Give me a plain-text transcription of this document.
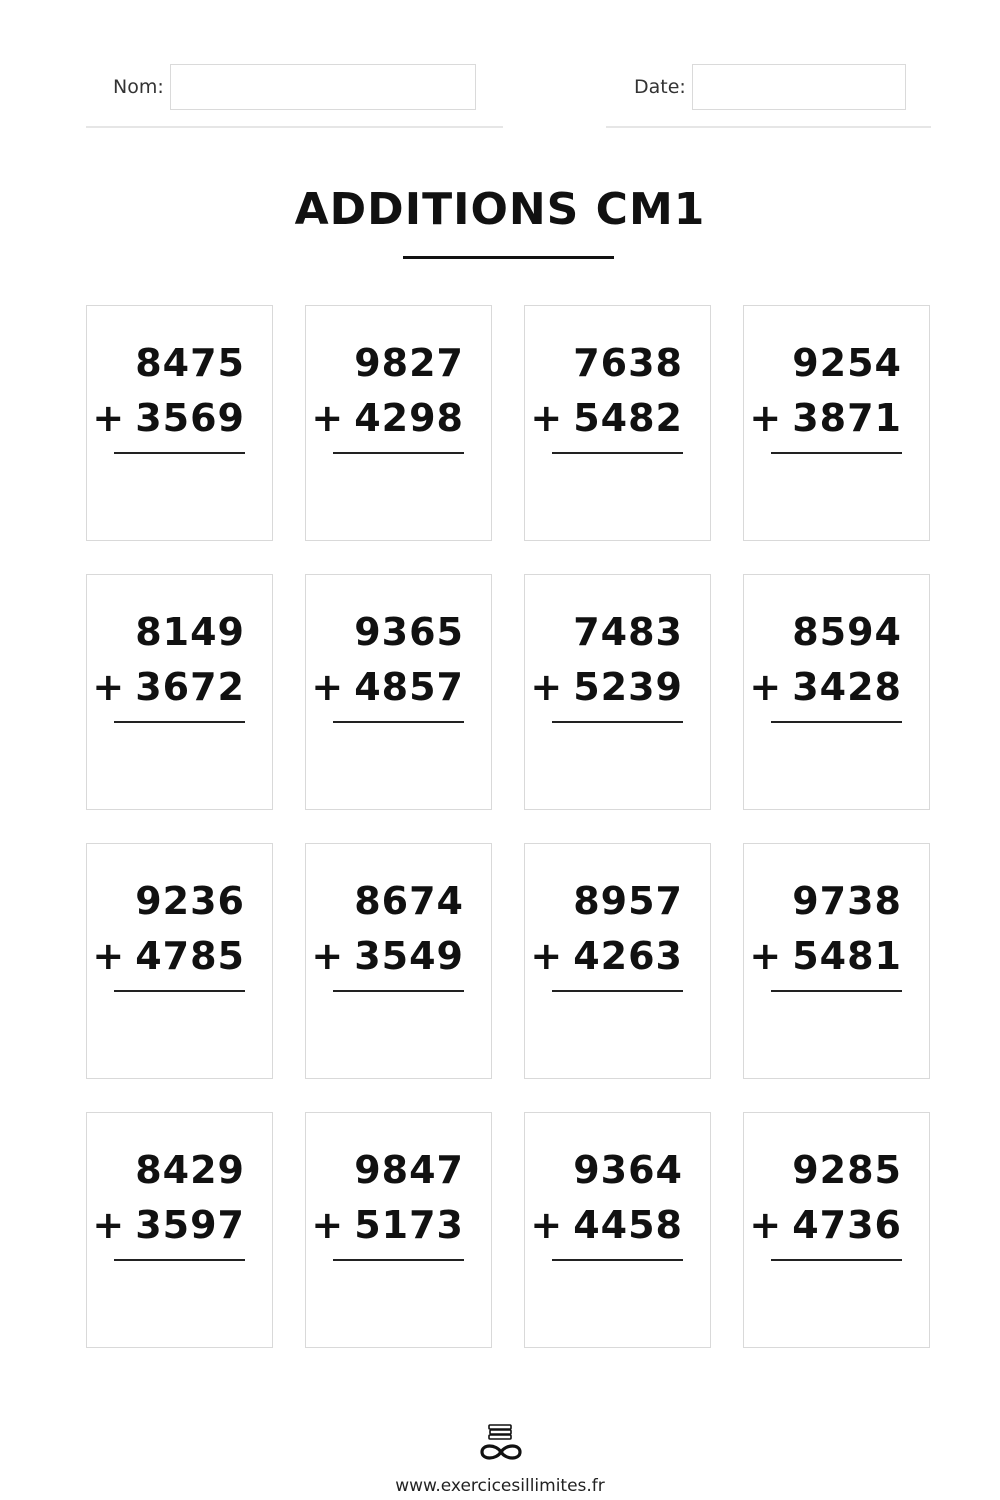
Nom:	Date:
ADDITIONS CM1
8475
+ 3569
9827
+ 4298
7638
+ 5482
9254
+ 3871
8149
+ 3672
9365
+ 4857
7483
+ 5239
8594
+ 3428
9236
+ 4785
8674
+ 3549
8957
+ 4263
9738
+ 5481
8429
+ 3597
9847
+ 5173
9364
+ 4458
9285
+ 4736
www.exercicesillimites.fr
